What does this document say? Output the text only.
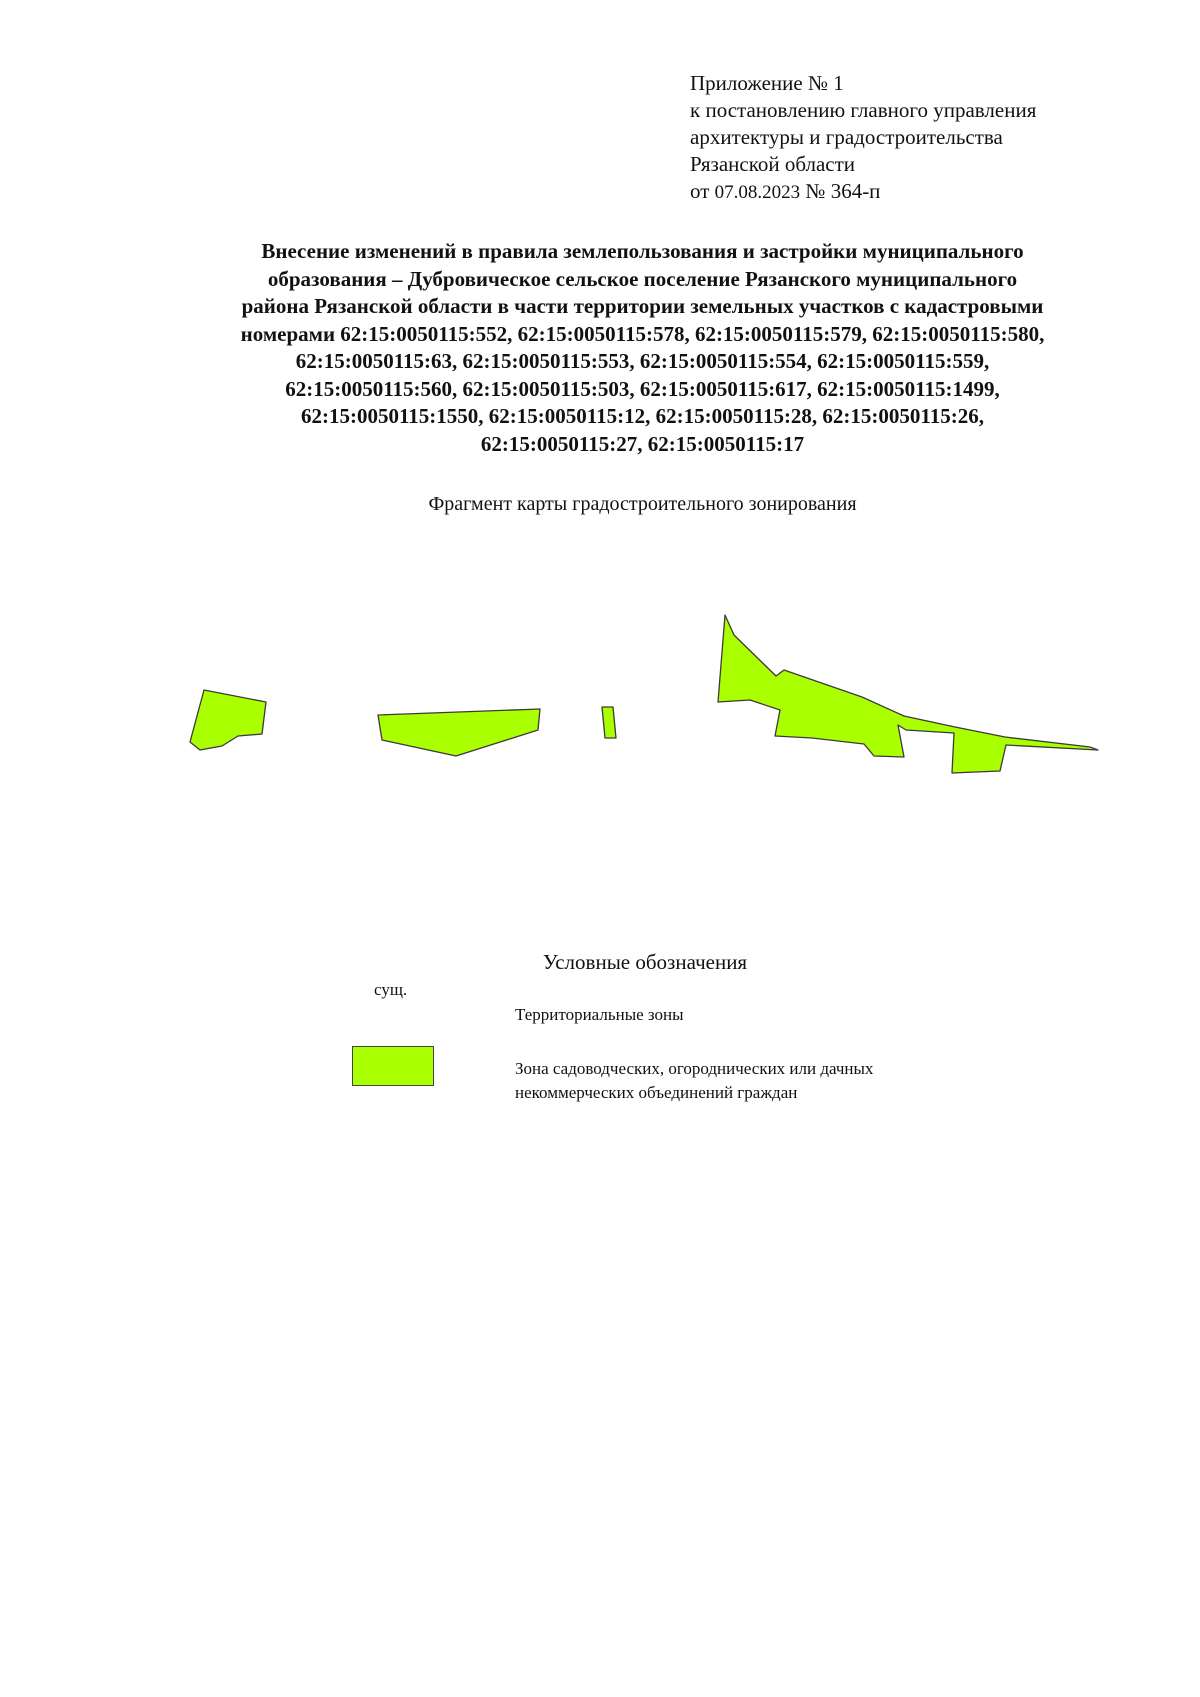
Приложение № 1
к постановлению главного управления
архитектуры и градостроительства
Рязанской области
от 07.08.2023 № 364-п
Внесение изменений в правила землепользования и застройки муниципального
образования – Дубровическое сельское поселение Рязанского муниципального
района Рязанской области в части территории земельных участков с кадастровыми
номерами 62:15:0050115:552, 62:15:0050115:578, 62:15:0050115:579, 62:15:0050115:580,
62:15:0050115:63, 62:15:0050115:553, 62:15:0050115:554, 62:15:0050115:559,
62:15:0050115:560, 62:15:0050115:503, 62:15:0050115:617, 62:15:0050115:1499,
62:15:0050115:1550, 62:15:0050115:12, 62:15:0050115:28, 62:15:0050115:26,
62:15:0050115:27, 62:15:0050115:17
Фрагмент карты градостроительного зонирования
Условные обозначения
сущ.
Территориальные зоны
Зона садоводческих, огороднических или дачных
некоммерческих объединений граждан
